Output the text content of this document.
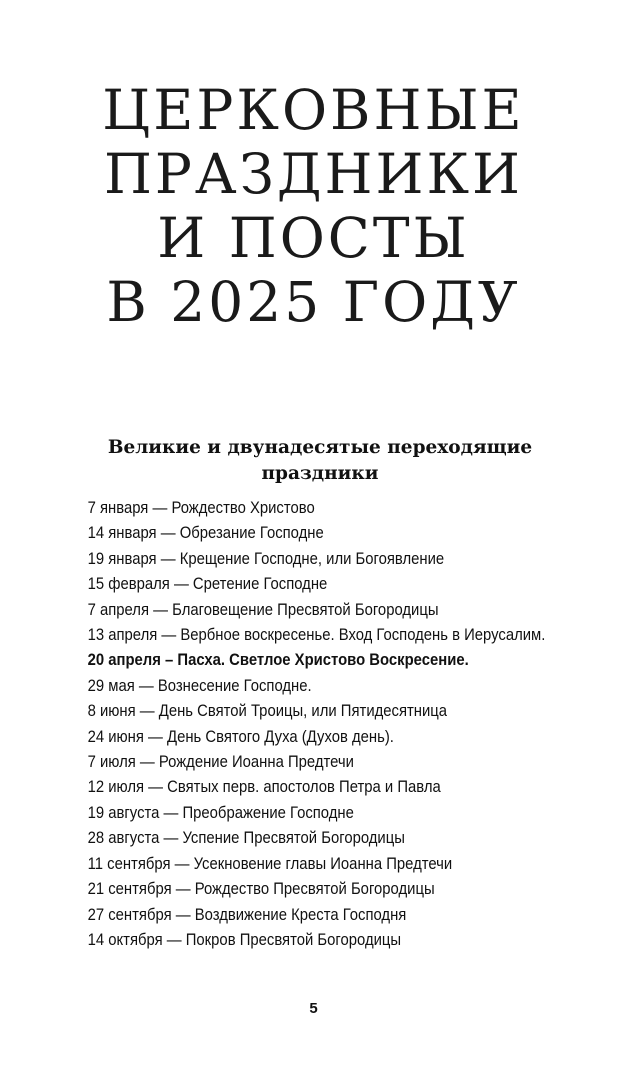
ЦЕРКОВНЫЕ
ПРАЗДНИКИ
И ПОСТЫ
В 2025 ГОДУ
Великие и двунадесятые переходящие
праздники
7 января — Рождество Христово
14 января — Обрезание Господне
19 января — Крещение Господне, или Богоявление
15 февраля — Сретение Господне
7 апреля — Благовещение Пресвятой Богородицы
13 апреля — Вербное воскресенье. Вход Господень в Иерусалим.
20 апреля – Пасха. Светлое Христово Воскресение.
29 мая — Вознесение Господне.
8 июня — День Святой Троицы, или Пятидесятница
24 июня — День Святого Духа (Духов день).
7 июля — Рождение Иоанна Предтечи
12 июля — Святых перв. апостолов Петра и Павла
19 августа — Преображение Господне
28 августа — Успение Пресвятой Богородицы
11 сентября — Усекновение главы Иоанна Предтечи
21 сентября — Рождество Пресвятой Богородицы
27 сентября — Воздвижение Креста Господня
14 октября — Покров Пресвятой Богородицы
5
